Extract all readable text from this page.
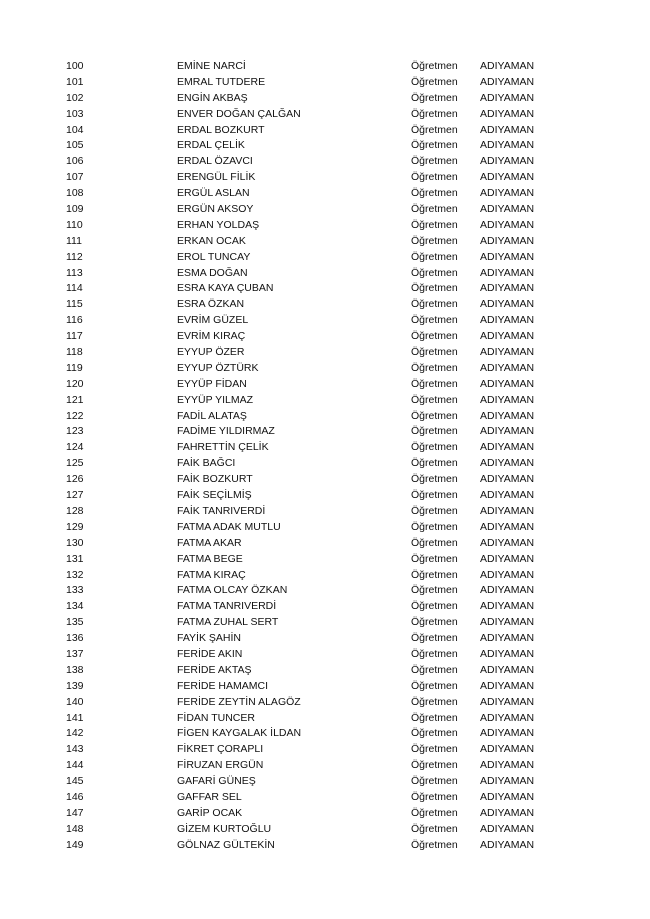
100	EMİNE NARCİ	Öğretmen ADIYAMAN
101	EMRAL TUTDERE	Öğretmen ADIYAMAN
102	ENGİN AKBAŞ	Öğretmen ADIYAMAN
103	ENVER DOĞAN ÇALĞAN	Öğretmen ADIYAMAN
104	ERDAL BOZKURT	Öğretmen ADIYAMAN
105	ERDAL ÇELİK	Öğretmen ADIYAMAN
106	ERDAL ÖZAVCI	Öğretmen ADIYAMAN
107	ERENGÜL FİLİK	Öğretmen ADIYAMAN
108	ERGÜL ASLAN	Öğretmen ADIYAMAN
109	ERGÜN AKSOY	Öğretmen ADIYAMAN
110	ERHAN YOLDAŞ	Öğretmen ADIYAMAN
111	ERKAN OCAK	Öğretmen ADIYAMAN
112	EROL TUNCAY	Öğretmen ADIYAMAN
113	ESMA DOĞAN	Öğretmen ADIYAMAN
114	ESRA KAYA ÇUBAN	Öğretmen ADIYAMAN
115	ESRA ÖZKAN	Öğretmen ADIYAMAN
116	EVRİM GÜZEL	Öğretmen ADIYAMAN
117	EVRİM KIRAÇ	Öğretmen ADIYAMAN
118	EYYUP ÖZER	Öğretmen ADIYAMAN
119	EYYUP ÖZTÜRK	Öğretmen ADIYAMAN
120	EYYÜP FİDAN	Öğretmen ADIYAMAN
121	EYYÜP YILMAZ	Öğretmen ADIYAMAN
122	FADİL ALATAŞ	Öğretmen ADIYAMAN
123	FADİME YILDIRMAZ	Öğretmen ADIYAMAN
124	FAHRETTİN ÇELİK	Öğretmen ADIYAMAN
125	FAİK BAĞCI	Öğretmen ADIYAMAN
126	FAİK BOZKURT	Öğretmen ADIYAMAN
127	FAİK SEÇİLMİŞ	Öğretmen ADIYAMAN
128	FAİK TANRIVERDİ	Öğretmen ADIYAMAN
129	FATMA ADAK MUTLU	Öğretmen ADIYAMAN
130	FATMA AKAR	Öğretmen ADIYAMAN
131	FATMA BEGE	Öğretmen ADIYAMAN
132	FATMA KIRAÇ	Öğretmen ADIYAMAN
133	FATMA OLCAY ÖZKAN	Öğretmen ADIYAMAN
134	FATMA TANRIVERDİ	Öğretmen ADIYAMAN
135	FATMA ZUHAL SERT	Öğretmen ADIYAMAN
136	FAYİK ŞAHİN	Öğretmen ADIYAMAN
137	FERİDE AKIN	Öğretmen ADIYAMAN
138	FERİDE AKTAŞ	Öğretmen ADIYAMAN
139	FERİDE HAMAMCI	Öğretmen ADIYAMAN
140	FERİDE ZEYTİN ALAGÖZ	Öğretmen ADIYAMAN
141	FİDAN TUNCER	Öğretmen ADIYAMAN
142	FİGEN KAYGALAK İLDAN	Öğretmen ADIYAMAN
143	FİKRET ÇORAPLI	Öğretmen ADIYAMAN
144	FİRUZAN ERGÜN	Öğretmen ADIYAMAN
145	GAFARİ GÜNEŞ	Öğretmen ADIYAMAN
146	GAFFAR SEL	Öğretmen ADIYAMAN
147	GARİP OCAK	Öğretmen ADIYAMAN
148	GİZEM KURTOĞLU	Öğretmen ADIYAMAN
149	GÖLNAZ GÜLTEKİN	Öğretmen ADIYAMAN
